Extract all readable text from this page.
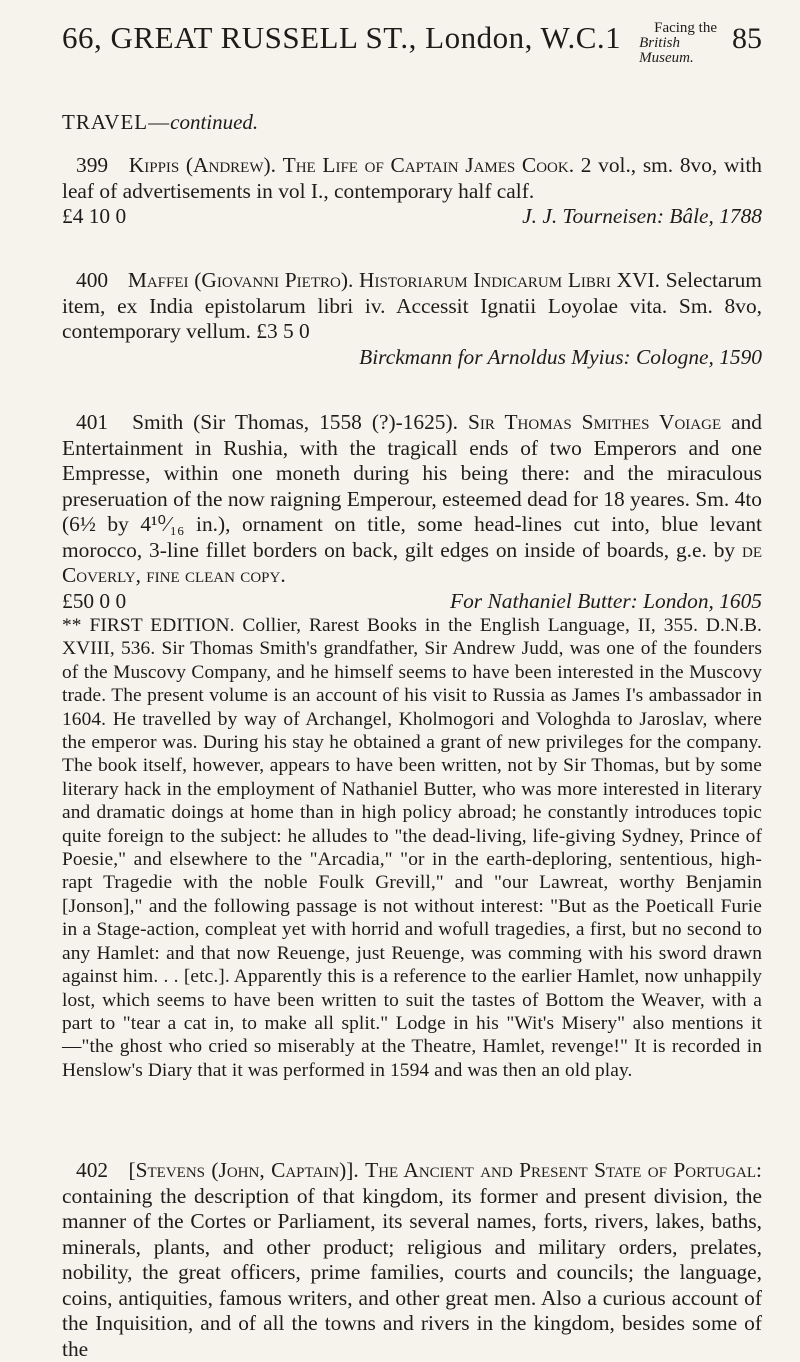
66, GREAT RUSSELL ST., London, W.C.1 Facing the
British Museum.
85
TRAVEL—continued.
399 Kippis (Andrew). The Life of Captain James Cook. 2 vol., sm. 8vo, with leaf of advertisements in vol I., contemporary half calf.
£4 10 0	J. J. Tourneisen: Bâle, 1788
400 Maffei (Giovanni Pietro). Historiarum Indicarum Libri XVI. Selectarum item, ex India epistolarum libri iv. Accessit Ignatii Loyolae vita. Sm. 8vo, contemporary vellum. £3 5 0
Birckmann for Arnoldus Myius: Cologne, 1590
401 Smith (Sir Thomas, 1558 (?)-1625). Sir Thomas Smithes Voiage and Entertainment in Rushia, with the tragicall ends of two Emperors and one Empresse, within one moneth during his being there: and the miraculous preseruation of the now raigning Emperour, esteemed dead for 18 yeares. Sm. 4to (6½ by 4¹⁰⁄₁₆ in.), ornament on title, some head-lines cut into, blue levant morocco, 3-line fillet borders on back, gilt edges on inside of boards, g.e. by de Coverly, fine clean copy.
£50 0 0	For Nathaniel Butter: London, 1605
** FIRST EDITION. Collier, Rarest Books in the English Language, II, 355. D.N.B. XVIII, 536. Sir Thomas Smith's grandfather, Sir Andrew Judd, was one of the founders of the Muscovy Company, and he himself seems to have been interested in the Muscovy trade. The present volume is an account of his visit to Russia as James I's ambassador in 1604. He travelled by way of Archangel, Kholmogori and Vologhda to Jaroslav, where the emperor was. During his stay he obtained a grant of new privileges for the company. The book itself, however, appears to have been written, not by Sir Thomas, but by some literary hack in the employment of Nathaniel Butter, who was more interested in literary and dramatic doings at home than in high policy abroad; he constantly introduces topic quite foreign to the subject: he alludes to "the dead-living, life-giving Sydney, Prince of Poesie," and elsewhere to the "Arcadia," "or in the earth-deploring, sententious, high-rapt Tragedie with the noble Foulk Grevill," and "our Lawreat, worthy Benjamin [Jonson]," and the following passage is not without interest: "But as the Poeticall Furie in a Stage-action, compleat yet with horrid and wofull tragedies, a first, but no second to any Hamlet: and that now Reuenge, just Reuenge, was comming with his sword drawn against him. . . [etc.]. Apparently this is a reference to the earlier Hamlet, now unhappily lost, which seems to have been written to suit the tastes of Bottom the Weaver, with a part to "tear a cat in, to make all split." Lodge in his "Wit's Misery" also mentions it—"the ghost who cried so miserably at the Theatre, Hamlet, revenge!" It is recorded in Henslow's Diary that it was performed in 1594 and was then an old play.
402 [Stevens (John, Captain)]. The Ancient and Present State of Portugal: containing the description of that kingdom, its former and present division, the manner of the Cortes or Parliament, its several names, forts, rivers, lakes, baths, minerals, plants, and other product; religious and military orders, prelates, nobility, the great officers, prime families, courts and councils; the language, coins, antiquities, famous writers, and other great men. Also a curious account of the Inquisition, and of all the towns and rivers in the kingdom, besides some of the
